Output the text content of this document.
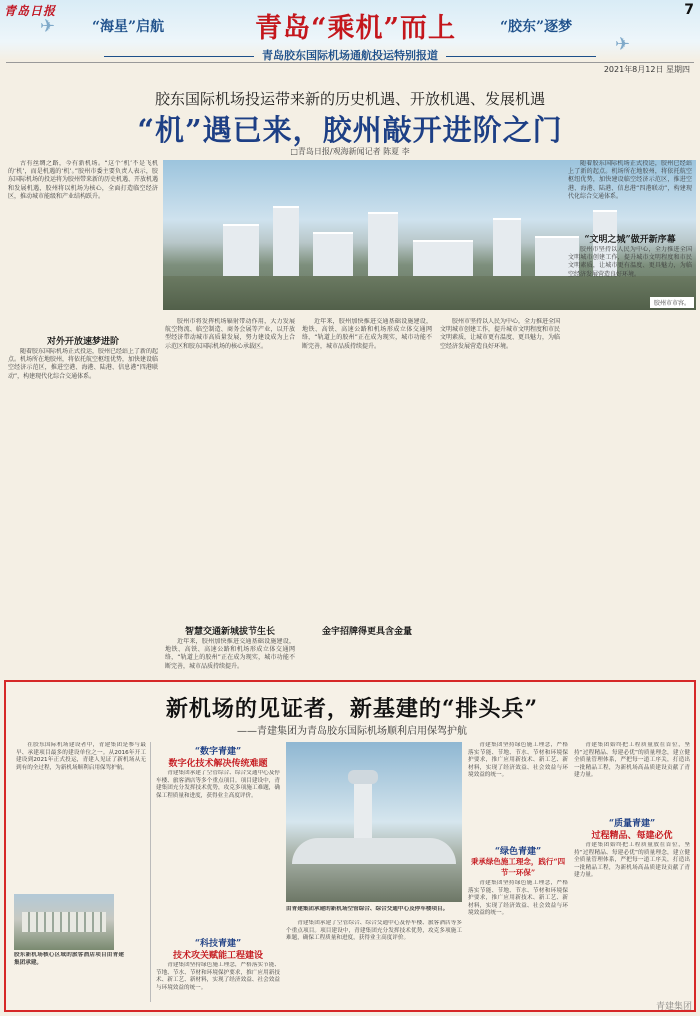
青岛日报	7
✈
✈
“海星”启航	青岛“乘机”而上	“胶东”逐梦
青岛胶东国际机场通航投运特别报道
2021年8月12日 星期四
胶东国际机场投运带来新的历史机遇、开放机遇、发展机遇
“机”遇已来，胶州敲开进阶之门
□青岛日报/观海新闻记者 陈夏 李

古有丝绸之路，今有新机场。“这个‘机’不是飞机的‘机’，而是机遇的‘机’。”胶州市委主要负责人表示，胶东国际机场的投运将为胶州带来新的历史机遇、开放机遇和发展机遇，胶州将以机场为核心，全面打造临空经济区，推动城市能级和产业结构跃升。

胶州市市容。
对外开放速梦进阶

随着胶东国际机场正式投运，胶州已经站上了新的起点。机场所在地胶州，将依托航空枢纽优势，加快建设临空经济示范区，推进空港、海港、陆港、信息港“四港联动”，构建现代化综合交通体系。

胶州市将发挥机场辐射带动作用，大力发展航空物流、临空制造、商务会展等产业，以开放型经济带动城市高质量发展，努力建设成为上合示范区和胶东国际机场的核心承载区。

智慧交通新城拔节生长

近年来，胶州加快推进交通基础设施建设，地铁、高铁、高速公路和机场形成立体交通网络，“轨道上的胶州”正在成为现实，城市功能不断完善，城市品质持续提升。

近年来，胶州加快推进交通基础设施建设，地铁、高铁、高速公路和机场形成立体交通网络，“轨道上的胶州”正在成为现实，城市功能不断完善，城市品质持续提升。

金宇招牌得更具含金量

胶州市坚持以人民为中心，全力推进全国文明城市创建工作，提升城市文明程度和市民文明素质，让城市更有温度、更具魅力，为临空经济发展营造良好环境。

随着胶东国际机场正式投运，胶州已经站上了新的起点。机场所在地胶州，将依托航空枢纽优势，加快建设临空经济示范区，推进空港、海港、陆港、信息港“四港联动”，构建现代化综合交通体系。

“文明之城”做开新序幕

胶州市坚持以人民为中心，全力推进全国文明城市创建工作，提升城市文明程度和市民文明素质，让城市更有温度、更具魅力，为临空经济发展营造良好环境。

新机场的见证者，新基建的“排头兵”
——青建集团为青岛胶东国际机场顺利启用保驾护航
由青建集团承建的新机场空管综合、综合交通中心及停车楼项目。

在胶东国际机场建设者中，青建集团是参与最早、承建项目最多的建设单位之一。从2016年开工建设到2021年正式投运，青建人见证了新机场从无到有的全过程，为新机场顺利启用保驾护航。

“数字青建”
数字化技术解决传统难题

青建集团承建了空管综合、综合交通中心及停车楼、旅客酒店等多个重点项目。项目建设中，青建集团充分发挥技术优势，攻克多项施工难题，确保工程质量和进度，获得业主高度评价。

“科技青建”
技术攻关赋能工程建设

青建集团坚持绿色施工理念，严格落实节能、节地、节水、节材和环境保护要求，推广应用新技术、新工艺、新材料，实现了经济效益、社会效益与环境效益的统一。

青建集团承建了空管综合、综合交通中心及停车楼、旅客酒店等多个重点项目。项目建设中，青建集团充分发挥技术优势，攻克多项施工难题，确保工程质量和进度，获得业主高度评价。

青建集团坚持绿色施工理念，严格落实节能、节地、节水、节材和环境保护要求，推广应用新技术、新工艺、新材料，实现了经济效益、社会效益与环境效益的统一。

“绿色青建”
秉承绿色施工理念，践行“四节一环保”

青建集团坚持绿色施工理念，严格落实节能、节地、节水、节材和环境保护要求，推广应用新技术、新工艺、新材料，实现了经济效益、社会效益与环境效益的统一。

青建集团始终把工程质量放在首位，坚持“过程精品、每建必优”的质量理念，建立健全质量管理体系，严把每一道工序关，打造出一批精品工程，为新机场高品质建设贡献了青建力量。

“质量青建”
过程精品、每建必优

青建集团始终把工程质量放在首位，坚持“过程精品、每建必优”的质量理念，建立健全质量管理体系，严把每一道工序关，打造出一批精品工程，为新机场高品质建设贡献了青建力量。

胶东新机场核心区域的旅客酒店项目由青建集团承建。
青建集团
